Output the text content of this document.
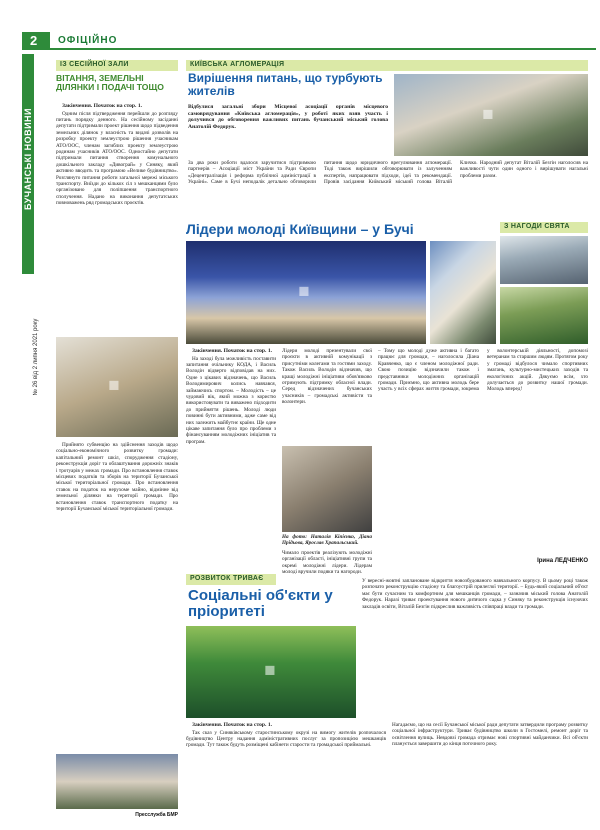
2 ОФІЦІЙНО
БУЧАНСЬКІ НОВИНИ
№ 26 від 2 липня 2021 року
ІЗ СЕСІЙНОЇ ЗАЛИ
ВІТАННЯ, ЗЕМЕЛЬНІ ДІЛЯНКИ І ПОДАЧІ ТОЩО

Закінчення. Початок на стор. 1.

Одним після підтвердження перейшли до розгляду питань порядку денного. На сесійному засіданні депутати підтримали проект рішення щодо підведення земельних ділянок у власність та видачі дозволів на розробку проекту землеустрою рішення учасникам АТО/ООС, членам загиблих проекту землеустрою родинам учасників АТО/ООС. Одностайно депутати підтримали питання створення комунального дошкільного закладу «Дивограй» у Синяку, який активно вводить та програмою «Велике будівництво». Розглянуто питання роботи загальної мережі міського транспорту. Виїзди до кількох сіл з мешканцями було організовано для поліпшення транспортного сполучення. Надано на виконання депутатських повноважень ряд громадських проєктів.

◼

Прийнято субвенцію на здійснення заходів щодо соціально-економічного розвитку громади: капітальний ремонт шкіл, спорудження стадіону, реконструкція доріг та облаштування дорожніх знаків і тротуарів у межах громади. Про встановлення ставок місцевих податків та зборів на території Бучанської міської територіальної громади. Про встановлення ставок на податок на нерухоме майно, відмінне від земельної ділянки на території громади. Про встановлення ставок транспортного податку на території Бучанської міської територіальної громади.

Пресслужба БМР
КИЇВСЬКА АГЛОМЕРАЦІЯ
Вирішення питань, що турбують жителів
Відбулися загальні збори Місцевої асоціації органів місцевого самоврядування «Київська агломерація», у роботі яких взяв участь і долучився до обговорення важливих питань бучанський міський голова Анатолій Федорук.
◼
За два роки роботи вдалося заручитися підтримкою партнерів – Асоціації міст України та Ради Європи «Децентралізація і реформа публічної адміністрації в Україні». Саме в Бучі неподалік детально обговорили питання щодо юридичного врегулювання агломерації. Тоді також вирішили обговорювати із залученням експертів, напрацювати підходи, ідеї та рекомендації. Провів засідання Київський міський голова Віталій Кличко. Народний депутат Віталій Безгін наголосив на важливості чути один одного і вирішувати нагальні проблеми разом.
Лідери молоді Київщини – у Бучі
◼

Закінчення. Початок на стор. 1.

На заході була можливість поставити запитання очільнику КОДА, і Василь Володін відверто відповідав на них. Одне з цікавих відзначень, що Василь Володимирович колись навчався, займаючись спортом. – Молодість – це чудовий вік, який можна з користю використовувати та виважено підходити до прийняття рішень. Молоді люди повинні бути активними, адже саме від них залежить майбутнє країни. Ще одне цікаве запитання було про проблеми з фінансуванням молодіжних ініціатив та програм.

Лідери молоді презентували свої проєкти в активній комунікації з присутніми колегами та гостями заходу. Також Василь Володін відзначив, що кращі молодіжні ініціативи обов'язково отримують підтримку обласної влади. Серед відзначених бучанських учасників – громадські активісти та волонтери.
На фото: Наталія Кіпієнко, Діана Прідьова, Ярослав Храпальський.
Чимало проектів реалізують молодіжні організації області, ініціативні групи та окремі молодіжні лідери. Лідерам молоді вручили подяки та нагороди.
З НАГОДИ СВЯТА
– Тому що молоді дуже активна і багато працює для громади, – наголосила Діана Кравченко, що є членом молодіжної ради. Свою позицію відзначили також і представники молодіжних організацій громади. Приємно, що активна молодь бере участь у всіх сферах життя громади, зокрема у волонтерській діяльності, допомозі ветеранам та старшим людям. Протягом року у громаді відбулося чимало спортивних змагань, культурно-мистецьких заходів та екологічних акцій. Дякуємо всім, хто долучається до розвитку нашої громади. Молодь вперед!
Ірина ЛЕДЧЕНКО
РОЗВИТОК ТРИВАЄ
Соціальні об'єкти у пріоритеті
◼

Закінчення. Початок на стор. 1.

Так сказ у Синяківському старостинському окрузі на вимогу жителів розпочалося будівництво Центру надання адміністративних послуг за пропозицією мешканців громади. Тут також будуть розміщені кабінети старости та громадської приймальні.

У вересні-жовтні заплановане відкриття новозбудованого навчального корпусу. В цьому році також розпочато реконструкцію стадіону та благоустрій прилеглої території. – Будь-який соціальний об'єкт має бути сучасним та комфортним для мешканців громади, – зазначив міський голова Анатолій Федорук. Наразі триває проектування нового дитячого садка у Синяку та реконструкція існуючих закладів освіти, Віталій Безгін підкреслив важливість співпраці влади та громади.
Нагадаємо, що на сесії Бучанської міської ради депутати затвердили програму розвитку соціальної інфраструктури. Триває будівництво школи в Гостомелі, ремонт доріг та освітлення вулиць. Невдовзі громада отримає нові спортивні майданчики. Всі об'єкти планується завершити до кінця поточного року.
